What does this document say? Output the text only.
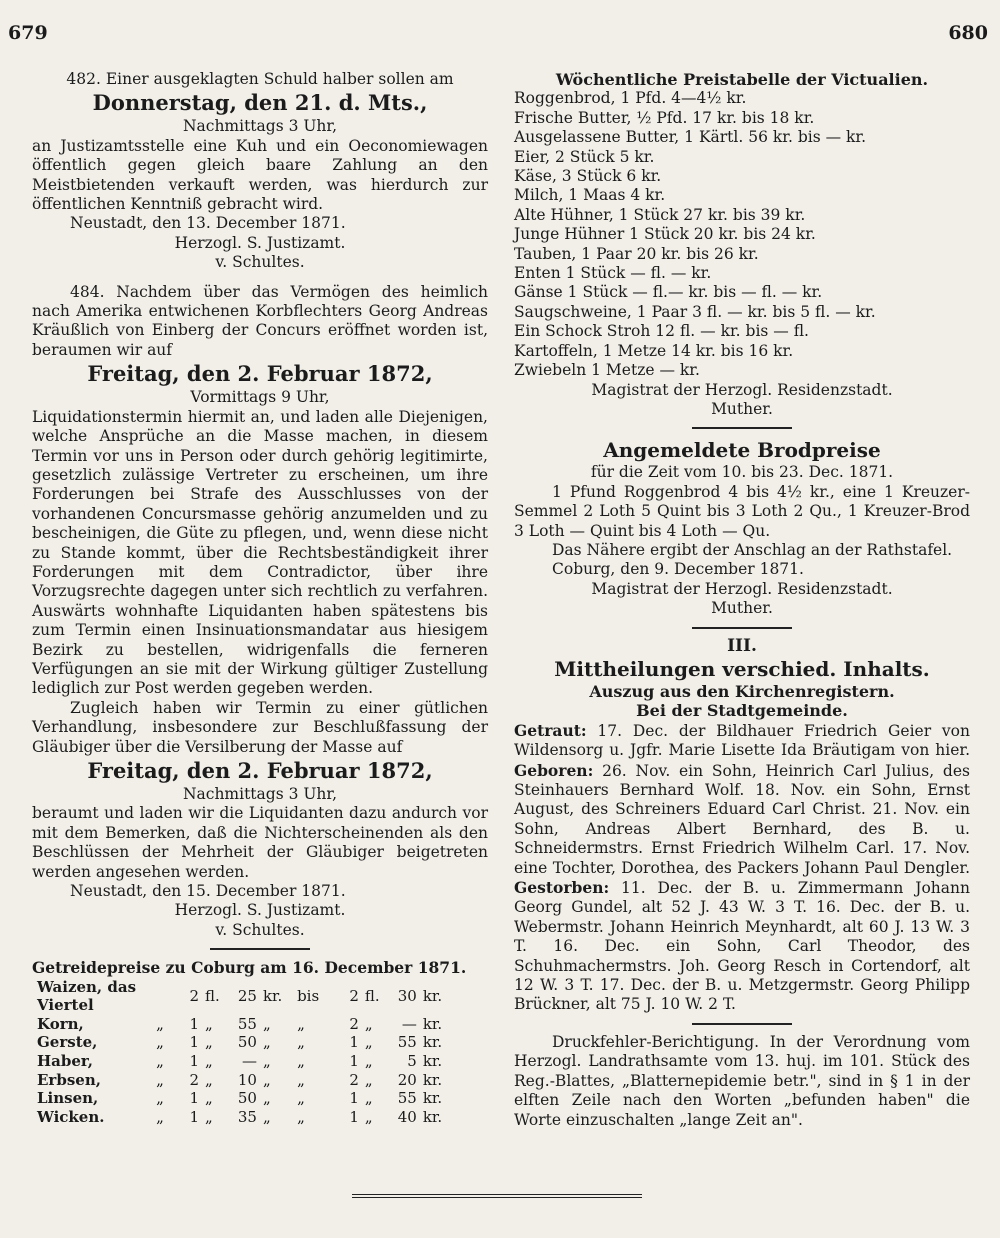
679	680

482. Einer ausgeklagten Schuld halber sollen am

Donnerstag, den 21. d. Mts.,

Nachmittags 3 Uhr,

an Justizamtsstelle eine Kuh und ein Oeconomiewagen öffentlich gegen gleich baare Zahlung an den Meistbietenden verkauft werden, was hierdurch zur öffentlichen Kenntniß gebracht wird.

Neustadt, den 13. December 1871.

Herzogl. S. Justizamt.

v. Schultes.

484. Nachdem über das Vermögen des heimlich nach Amerika entwichenen Korbflechters Georg Andreas Kräußlich von Einberg der Concurs eröffnet worden ist, beraumen wir auf

Freitag, den 2. Februar 1872,

Vormittags 9 Uhr,

Liquidationstermin hiermit an, und laden alle Diejenigen, welche Ansprüche an die Masse machen, in diesem Termin vor uns in Person oder durch gehörig legitimirte, gesetzlich zulässige Vertreter zu erscheinen, um ihre Forderungen bei Strafe des Ausschlusses von der vorhandenen Concursmasse gehörig anzumelden und zu bescheinigen, die Güte zu pflegen, und, wenn diese nicht zu Stande kommt, über die Rechtsbeständigkeit ihrer Forderungen mit dem Contradictor, über ihre Vorzugsrechte dagegen unter sich rechtlich zu verfahren. Auswärts wohnhafte Liquidanten haben spätestens bis zum Termin einen Insinuationsmandatar aus hiesigem Bezirk zu bestellen, widrigenfalls die ferneren Verfügungen an sie mit der Wirkung gültiger Zustellung lediglich zur Post werden gegeben werden.

Zugleich haben wir Termin zu einer gütlichen Verhandlung, insbesondere zur Beschlußfassung der Gläubiger über die Versilberung der Masse auf

Freitag, den 2. Februar 1872,

Nachmittags 3 Uhr,

beraumt und laden wir die Liquidanten dazu andurch vor mit dem Bemerken, daß die Nichterscheinenden als den Beschlüssen der Mehrheit der Gläubiger beigetreten werden angesehen werden.

Neustadt, den 15. December 1871.

Herzogl. S. Justizamt.

v. Schultes.

Getreidepreise zu Coburg am 16. December 1871.

Waizen, das Viertel		2	fl.	25	kr.	bis	2	fl.	30	kr.
Korn,	„	1	„	55	„	„	2	„	—	kr.
Gerste,	„	1	„	50	„	„	1	„	55	kr.
Haber,	„	1	„	—	„	„	1	„	5	kr.
Erbsen,	„	2	„	10	„	„	2	„	20	kr.
Linsen,	„	1	„	50	„	„	1	„	55	kr.
Wicken.	„	1	„	35	„	„	1	„	40	kr.

Wöchentliche Preistabelle der Victualien.

Roggenbrod, 1 Pfd. 4—4½ kr.

Frische Butter, ½ Pfd. 17 kr. bis 18 kr.

Ausgelassene Butter, 1 Kärtl. 56 kr. bis — kr.

Eier, 2 Stück 5 kr.

Käse, 3 Stück 6 kr.

Milch, 1 Maas 4 kr.

Alte Hühner, 1 Stück 27 kr. bis 39 kr.

Junge Hühner 1 Stück 20 kr. bis 24 kr.

Tauben, 1 Paar 20 kr. bis 26 kr.

Enten 1 Stück — fl. — kr.

Gänse 1 Stück — fl.— kr. bis — fl. — kr.

Saugschweine, 1 Paar 3 fl. — kr. bis 5 fl. — kr.

Ein Schock Stroh 12 fl. — kr. bis — fl.

Kartoffeln, 1 Metze 14 kr. bis 16 kr.

Zwiebeln 1 Metze — kr.

Magistrat der Herzogl. Residenzstadt.

Muther.

Angemeldete Brodpreise

für die Zeit vom 10. bis 23. Dec. 1871.

1 Pfund Roggenbrod 4 bis 4½ kr., eine 1 Kreuzer-Semmel 2 Loth 5 Quint bis 3 Loth 2 Qu., 1 Kreuzer-Brod 3 Loth — Quint bis 4 Loth — Qu.

Das Nähere ergibt der Anschlag an der Rathstafel.

Coburg, den 9. December 1871.

Magistrat der Herzogl. Residenzstadt.

Muther.

III.

Mittheilungen verschied. Inhalts.

Auszug aus den Kirchenregistern.

Bei der Stadtgemeinde.

Getraut: 17. Dec. der Bildhauer Friedrich Geier von Wildensorg u. Jgfr. Marie Lisette Ida Bräutigam von hier. Geboren: 26. Nov. ein Sohn, Heinrich Carl Julius, des Steinhauers Bernhard Wolf. 18. Nov. ein Sohn, Ernst August, des Schreiners Eduard Carl Christ. 21. Nov. ein Sohn, Andreas Albert Bernhard, des B. u. Schneidermstrs. Ernst Friedrich Wilhelm Carl. 17. Nov. eine Tochter, Dorothea, des Packers Johann Paul Dengler. Gestorben: 11. Dec. der B. u. Zimmermann Johann Georg Gundel, alt 52 J. 43 W. 3 T. 16. Dec. der B. u. Webermstr. Johann Heinrich Meynhardt, alt 60 J. 13 W. 3 T. 16. Dec. ein Sohn, Carl Theodor, des Schuhmachermstrs. Joh. Georg Resch in Cortendorf, alt 12 W. 3 T. 17. Dec. der B. u. Metzgermstr. Georg Philipp Brückner, alt 75 J. 10 W. 2 T.

Druckfehler-Berichtigung. In der Verordnung vom Herzogl. Landrathsamte vom 13. huj. im 101. Stück des Reg.-Blattes, „Blatternepidemie betr.", sind in § 1 in der elften Zeile nach den Worten „befunden haben" die Worte einzuschalten „lange Zeit an".
